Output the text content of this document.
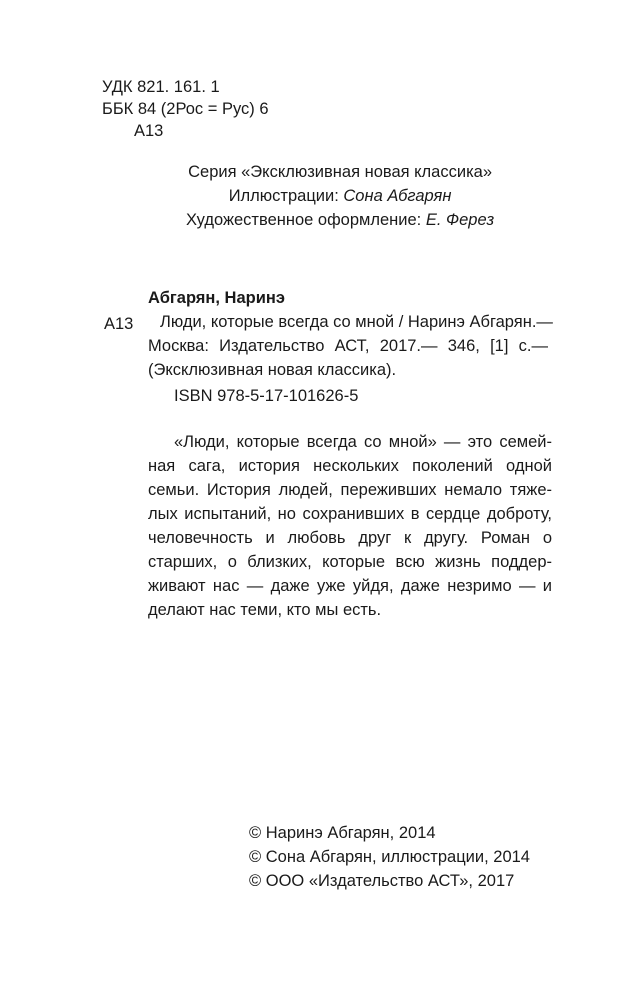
УДК 821. 161. 1
ББК 84 (2Рос = Рус) 6
А13
Серия «Эксклюзивная новая классика»
Иллюстрации: Сона Абгарян
Художественное оформление: Е. Ферез
Абгарян, Наринэ
А13	Люди, которые всегда со мной / Наринэ Абгарян.—
Москва: Издательство АСТ, 2017.— 346, [1] с.—
(Эксклюзивная новая классика).
ISBN 978-5-17-101626-5
«Люди, которые всегда со мной» — это семей-
ная сага, история нескольких поколений одной
семьи. История людей, переживших немало тяже-
лых испытаний, но сохранивших в сердце доброту,
человечность и любовь друг к другу. Роман о
старших, о близких, которые всю жизнь поддер-
живают нас — даже уже уйдя, даже незримо — и
делают нас теми, кто мы есть.
© Наринэ Абгарян, 2014
© Сона Абгарян, иллюстрации, 2014
© ООО «Издательство АСТ», 2017
